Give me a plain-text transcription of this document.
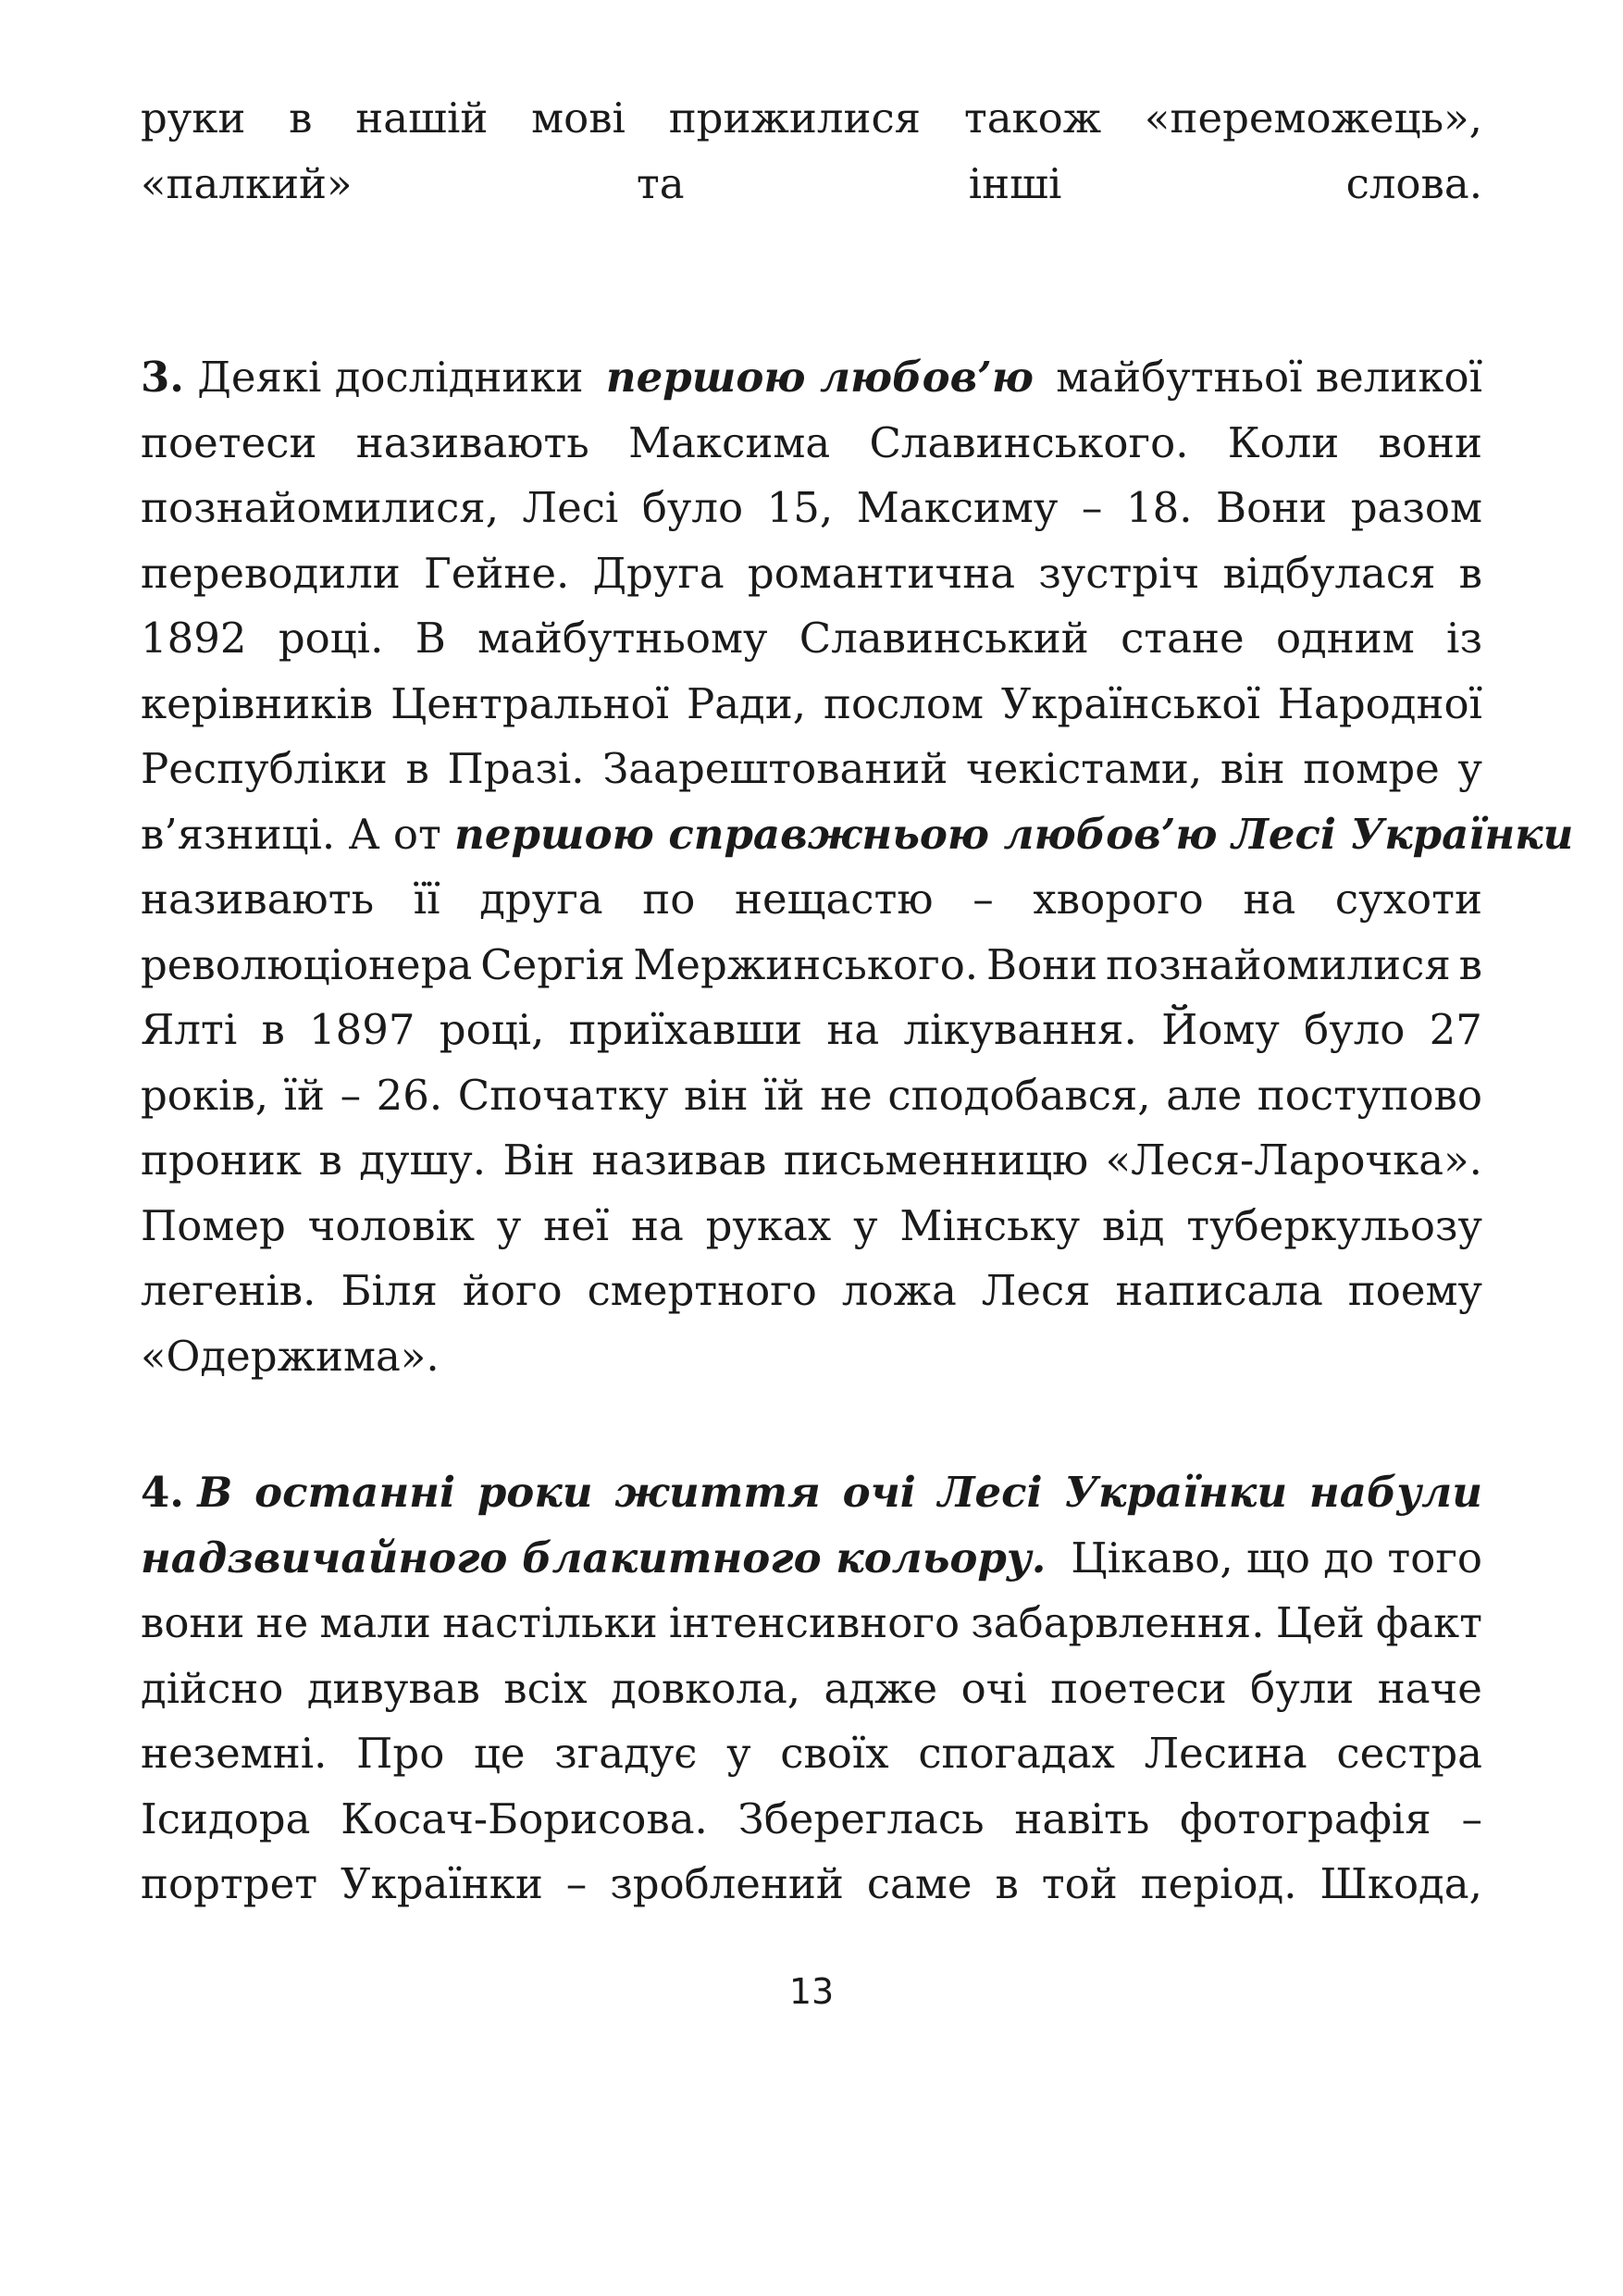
руки в нашій мові прижилися також «переможець»,
«палкий» та інші слова.
3. Деякі дослідники першою любов’ю майбутньої великої
поетеси називають Максима Славинського. Коли вони
познайомилися, Лесі було 15, Максиму – 18. Вони разом
переводили Гейне. Друга романтична зустріч відбулася в
1892 році. В майбутньому Славинський стане одним із
керівників Центральної Ради, послом Української Народної
Республіки в Празі. Заарештований чекістами, він помре у
в’язниці. А от першою справжньою любов’ю Лесі Українки
називають її друга по нещастю – хворого на сухоти
революціонера Сергія Мержинського. Вони познайомилися в
Ялті в 1897 році, приїхавши на лікування. Йому було 27
років, їй – 26. Спочатку він їй не сподобався, але поступово
проник в душу. Він називав письменницю «Леся-Ларочка».
Помер чоловік у неї на руках у Мінську від туберкульозу
легенів. Біля його смертного ложа Леся написала поему
«Одержима».
4. В останні роки життя очі Лесі Українки набули
надзвичайного блакитного кольору. Цікаво, що до того
вони не мали настільки інтенсивного забарвлення. Цей факт
дійсно дивував всіх довкола, адже очі поетеси були наче
неземні. Про це згадує у своїх спогадах Лесина сестра
Ісидора Косач-Борисова. Збереглась навіть фотографія –
портрет Українки – зроблений саме в той період. Шкода,
13
